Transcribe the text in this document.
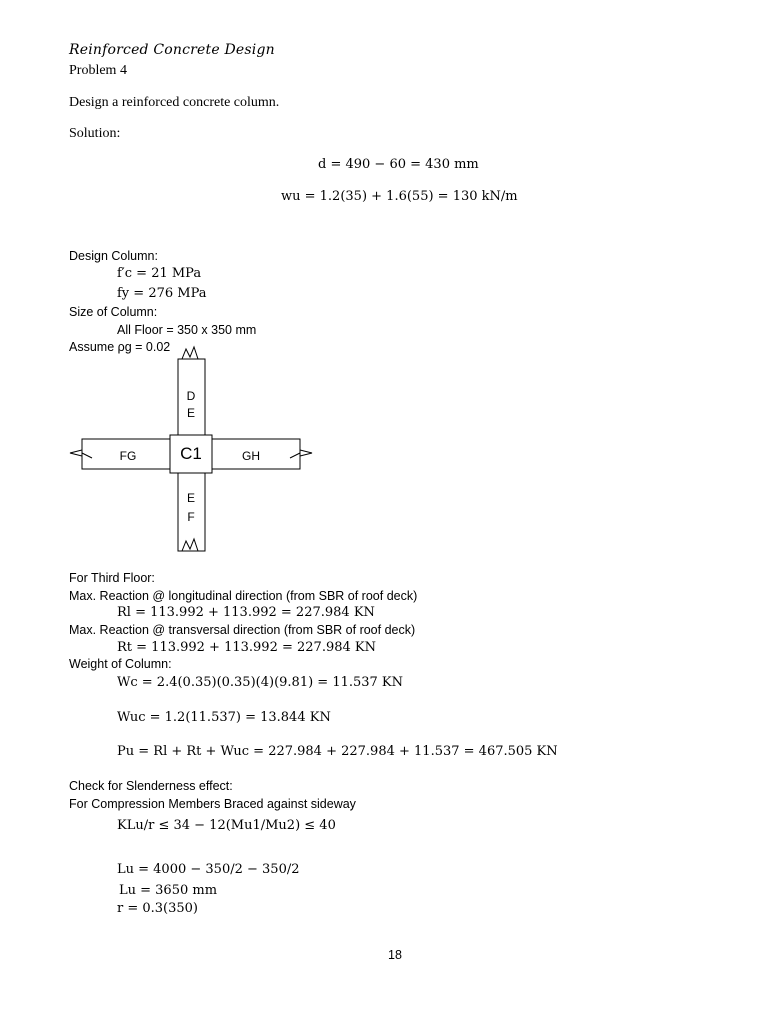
Reinforced Concrete Design
Problem 4
Design a reinforced concrete column.
Solution:
d = 490 − 60 = 430 mm
wu = 1.2(35) + 1.6(55) = 130 kN/m
Design Column:
f′c = 21 MPa
fy = 276 MPa
Size of Column:
All Floor = 350 x 350 mm
Assume ρg = 0.02
D
E
C1
FG	GH
E
F
For Third Floor:
Max. Reaction @ longitudinal direction (from SBR of roof deck)
Rl = 113.992 + 113.992 = 227.984 KN
Max. Reaction @ transversal direction (from SBR of roof deck)
Rt = 113.992 + 113.992 = 227.984 KN
Weight of Column:
Wc = 2.4(0.35)(0.35)(4)(9.81) = 11.537 KN
Wuc = 1.2(11.537) = 13.844 KN
Pu = Rl + Rt + Wuc = 227.984 + 227.984 + 11.537 = 467.505 KN
Check for Slenderness effect:
For Compression Members Braced against sideway
KLu/r ≤ 34 − 12(Mu1/Mu2) ≤ 40
Lu = 4000 − 350/2 − 350/2
Lu = 3650 mm
r = 0.3(350)
18
